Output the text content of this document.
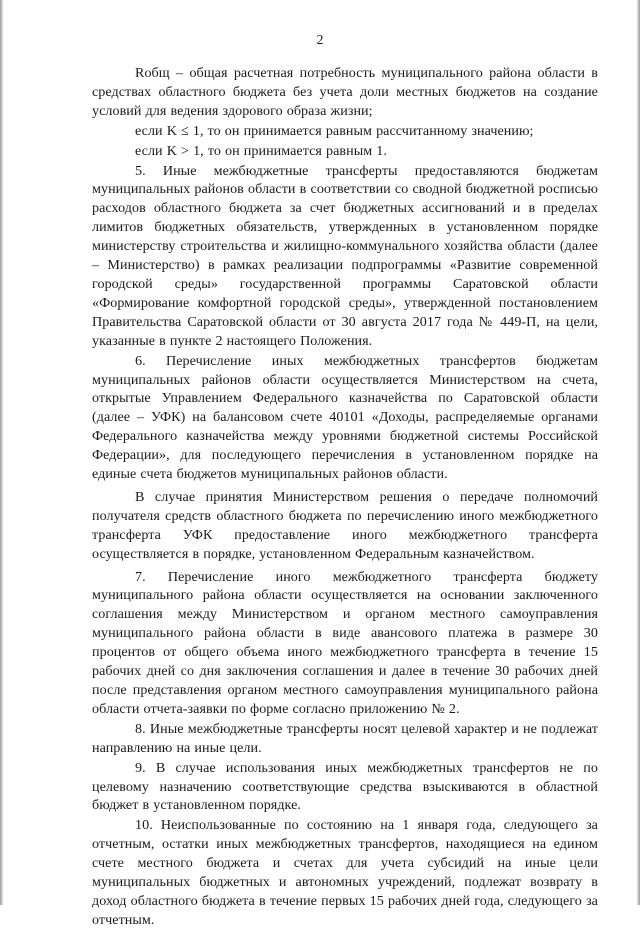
2

Rобщ – общая расчетная потребность муниципального района области в средствах областного бюджета без учета доли местных бюджетов на создание условий для ведения здорового образа жизни;

если K ≤ 1, то он принимается равным рассчитанному значению;

если K > 1, то он принимается равным 1.

5. Иные межбюджетные трансферты предоставляются бюджетам муниципальных районов области в соответствии со сводной бюджетной росписью расходов областного бюджета за счет бюджетных ассигнований и в пределах лимитов бюджетных обязательств, утвержденных в установленном порядке министерству строительства и жилищно-коммунального хозяйства области (далее – Министерство) в рамках реализации подпрограммы «Развитие современной городской среды» государственной программы Саратовской области «Формирование комфортной городской среды», утвержденной постановлением Правительства Саратовской области от 30 августа 2017 года № 449-П, на цели, указанные в пункте 2 настоящего Положения.

6. Перечисление иных межбюджетных трансфертов бюджетам муниципальных районов области осуществляется Министерством на счета, открытые Управлением Федерального казначейства по Саратовской области (далее – УФК) на балансовом счете 40101 «Доходы, распределяемые органами Федерального казначейства между уровнями бюджетной системы Российской Федерации», для последующего перечисления в установленном порядке на единые счета бюджетов муниципальных районов области.

В случае принятия Министерством решения о передаче полномочий получателя средств областного бюджета по перечислению иного межбюджетного трансферта УФК предоставление иного межбюджетного трансферта осуществляется в порядке, установленном Федеральным казначейством.

7. Перечисление иного межбюджетного трансферта бюджету муниципального района области осуществляется на основании заключенного соглашения между Министерством и органом местного самоуправления муниципального района области в виде авансового платежа в размере 30 процентов от общего объема иного межбюджетного трансферта в течение 15 рабочих дней со дня заключения соглашения и далее в течение 30 рабочих дней после представления органом местного самоуправления муниципального района области отчета-заявки по форме согласно приложению № 2.

8. Иные межбюджетные трансферты носят целевой характер и не подлежат направлению на иные цели.

9. В случае использования иных межбюджетных трансфертов не по целевому назначению соответствующие средства взыскиваются в областной бюджет в установленном порядке.

10. Неиспользованные по состоянию на 1 января года, следующего за отчетным, остатки иных межбюджетных трансфертов, находящиеся на едином счете местного бюджета и счетах для учета субсидий на иные цели муниципальных бюджетных и автономных учреждений, подлежат возврату в доход областного бюджета в течение первых 15 рабочих дней года, следующего за отчетным.
